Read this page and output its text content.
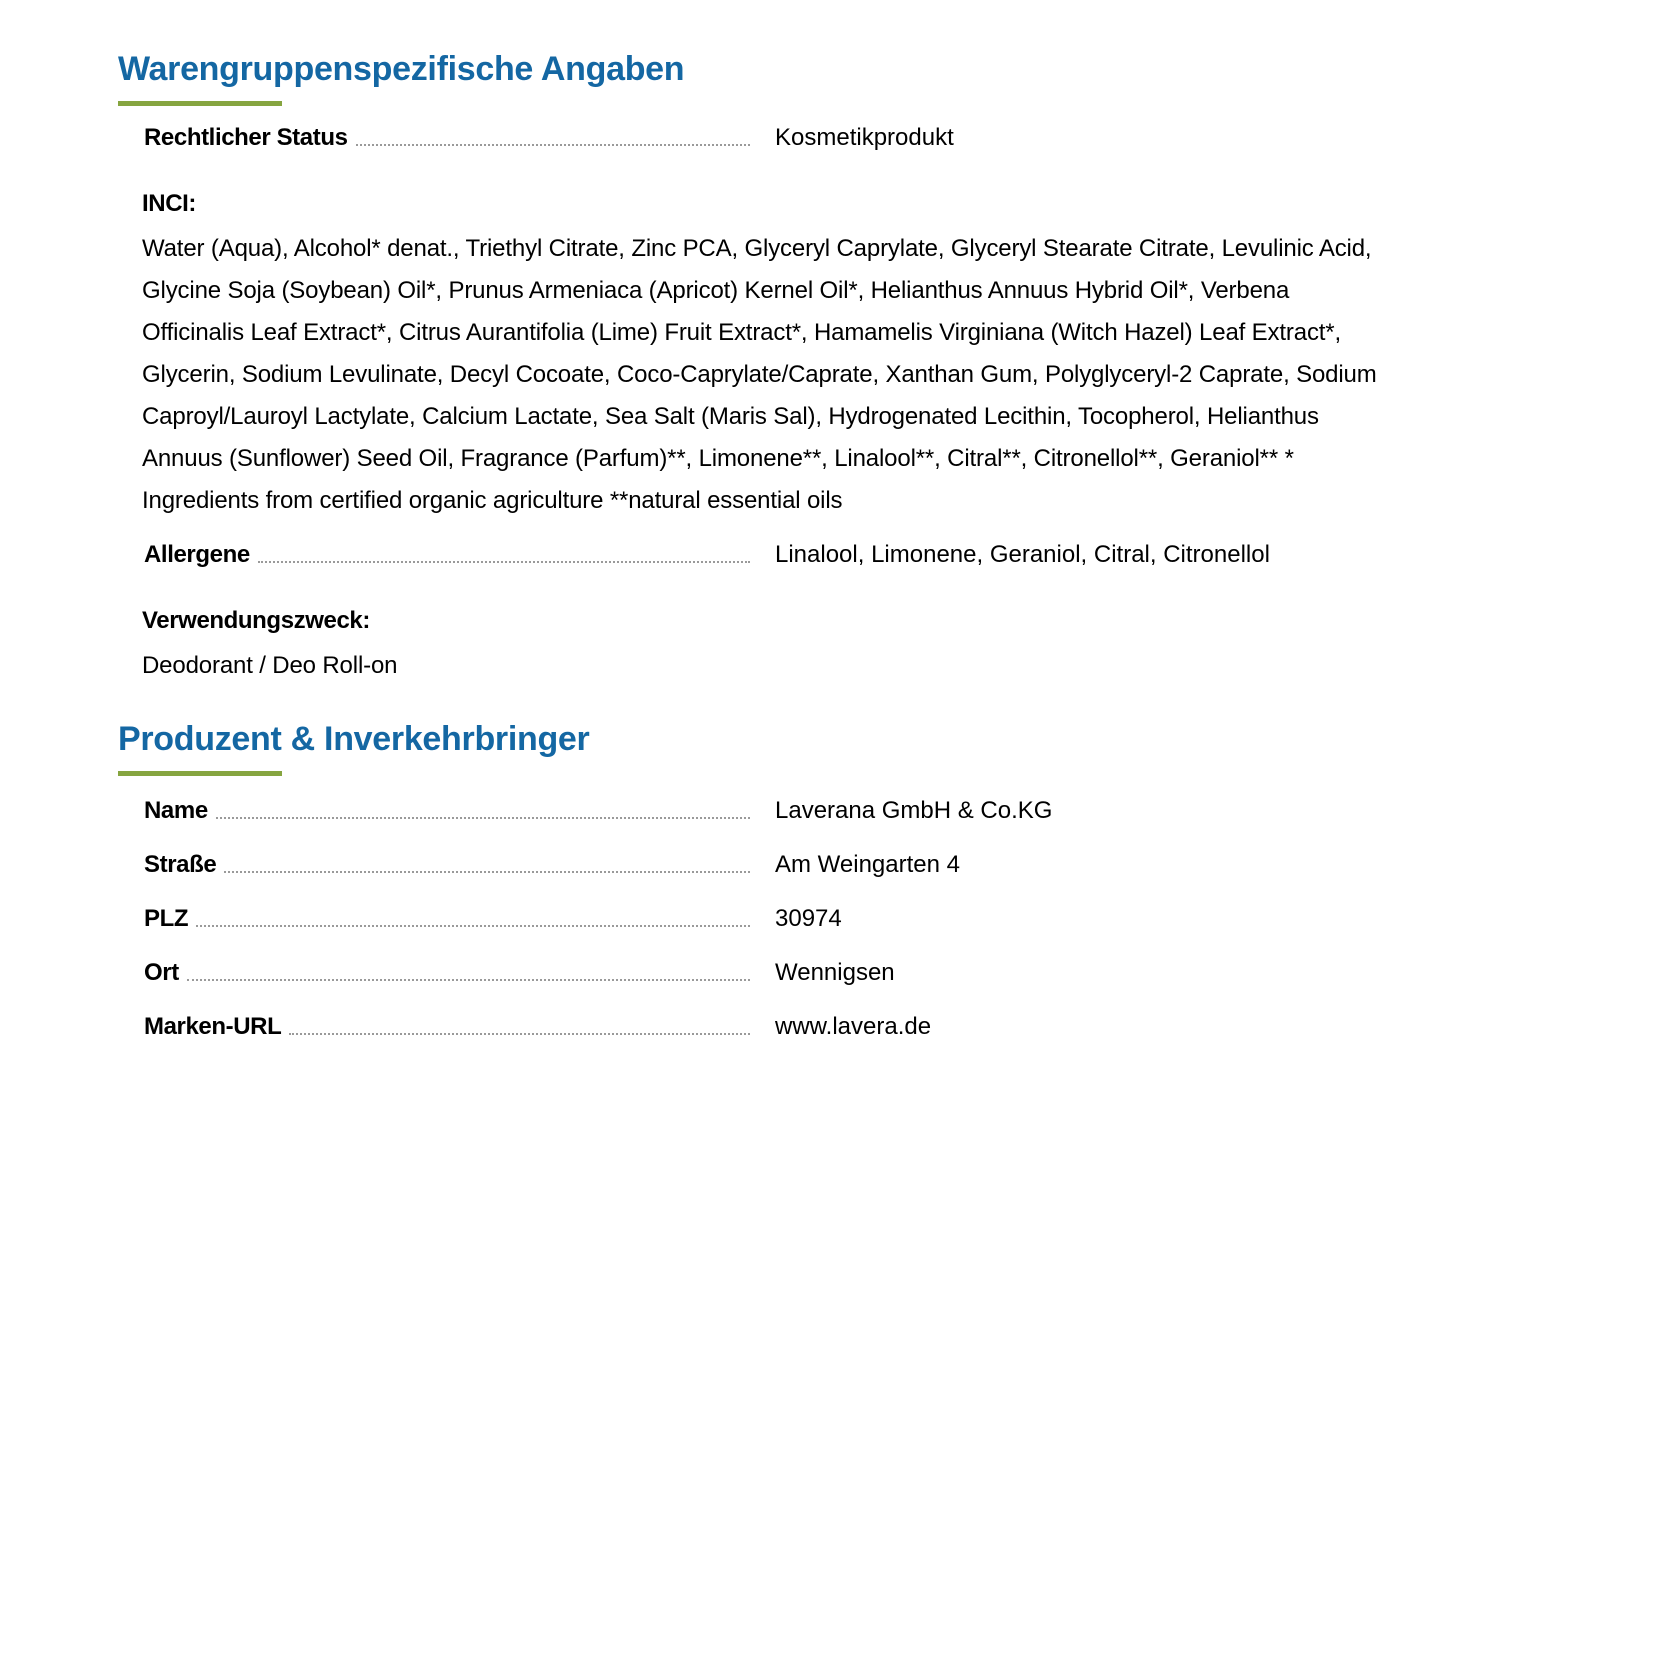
Warengruppenspezifische Angaben
Rechtlicher Status	Kosmetikprodukt
INCI:

Water (Aqua), Alcohol* denat., Triethyl Citrate, Zinc PCA, Glyceryl Caprylate, Glyceryl Stearate Citrate, Levulinic Acid, Glycine Soja (Soybean) Oil*, Prunus Armeniaca (Apricot) Kernel Oil*, Helianthus Annuus Hybrid Oil*, Verbena Officinalis Leaf Extract*, Citrus Aurantifolia (Lime) Fruit Extract*, Hamamelis Virginiana (Witch Hazel) Leaf Extract*, Glycerin, Sodium Levulinate, Decyl Cocoate, Coco-Caprylate/Caprate, Xanthan Gum, Polyglyceryl-2 Caprate, Sodium Caproyl/Lauroyl Lactylate, Calcium Lactate, Sea Salt (Maris Sal), Hydrogenated Lecithin, Tocopherol, Helianthus Annuus (Sunflower) Seed Oil, Fragrance (Parfum)**, Limonene**, Linalool**, Citral**, Citronellol**, Geraniol** * Ingredients from certified organic agriculture **natural essential oils

Allergene	Linalool, Limonene, Geraniol, Citral, Citronellol
Verwendungszweck:

Deodorant / Deo Roll-on

Produzent & Inverkehrbringer
Name	Laverana GmbH & Co.KG
Straße	Am Weingarten 4
PLZ	30974
Ort	Wennigsen
Marken-URL	www.lavera.de
